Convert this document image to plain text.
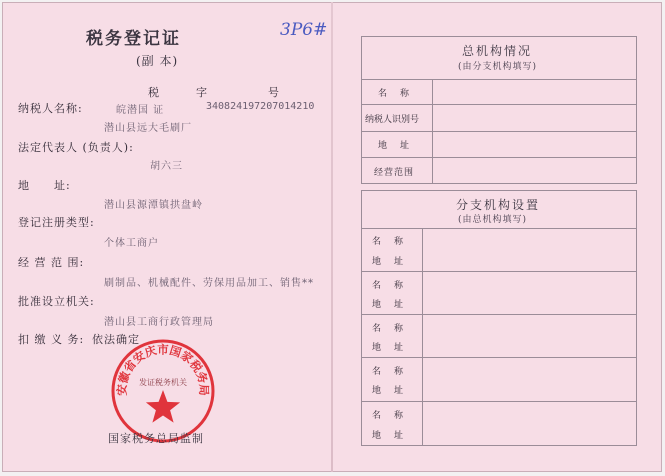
税务登记证
(副 本)
3P6#
税　　　字　　　　　号
纳税人名称:	皖潜国 证	340824197207014210
潜山县远大毛刷厂
法定代表人 (负责人):
胡六三
地　　址:
潜山县源潭镇拱盘岭
登记注册类型:
个体工商户
经 营 范 围:
刷制品、机械配件、劳保用品加工、销售**
批准设立机关:
潜山县工商行政管理局
扣 缴 义 务: 依法确定
安徽省安庆市国家税务局
发证税务机关
国家税务总局监制
总机构情况
(由分支机构填写)
名　称
纳税人识别号
地　址
经营范围
分支机构设置
(由总机构填写)
名　称
地　址
名　称
地　址
名　称
地　址
名　称
地　址
名　称
地　址
